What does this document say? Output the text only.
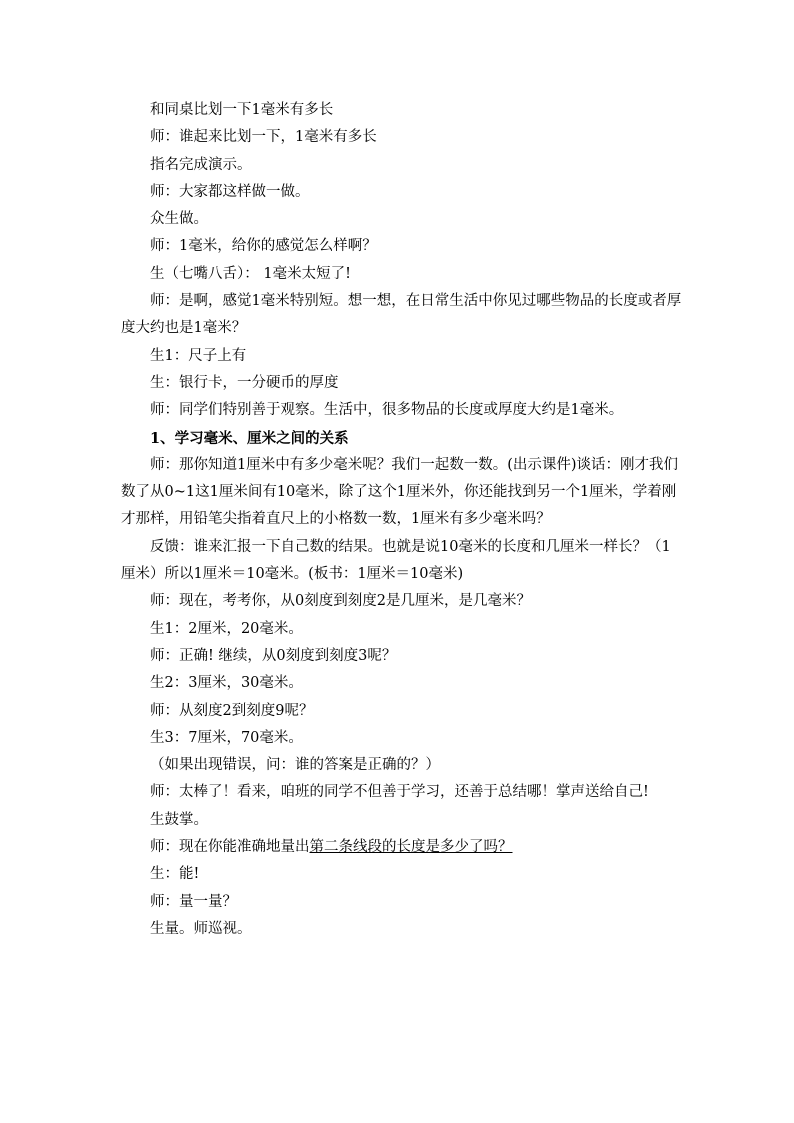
和同桌比划一下1毫米有多长

师：谁起来比划一下，1毫米有多长

指名完成演示。

师：大家都这样做一做。

众生做。

师：1毫米，给你的感觉怎么样啊？

生（七嘴八舌）： 1毫米太短了!

师：是啊，感觉1毫米特别短。想一想，在日常生活中你见过哪些物品的长度或者厚度大约也是1毫米？

生1：尺子上有

生：银行卡，一分硬币的厚度

师：同学们特别善于观察。生活中，很多物品的长度或厚度大约是1毫米。

1、学习毫米、厘米之间的关系

师：那你知道1厘米中有多少毫米呢？我们一起数一数。(出示课件)谈话：刚才我们数了从0~1这1厘米间有10毫米，除了这个1厘米外，你还能找到另一个1厘米，学着刚才那样，用铅笔尖指着直尺上的小格数一数，1厘米有多少毫米吗？

反馈：谁来汇报一下自己数的结果。也就是说10毫米的长度和几厘米一样长？（1厘米）所以1厘米＝10毫米。(板书：1厘米＝10毫米)

师：现在，考考你，从0刻度到刻度2是几厘米，是几毫米？

生1：2厘米，20毫米。

师：正确! 继续，从0刻度到刻度3呢？

生2：3厘米，30毫米。

师：从刻度2到刻度9呢？

生3：7厘米，70毫米。

（如果出现错误，问：谁的答案是正确的？）

师：太棒了！看来，咱班的同学不但善于学习，还善于总结哪！掌声送给自己!

生鼓掌。

师：现在你能准确地量出第二条线段的长度是多少了吗？

生：能!

师：量一量？

生量。师巡视。
